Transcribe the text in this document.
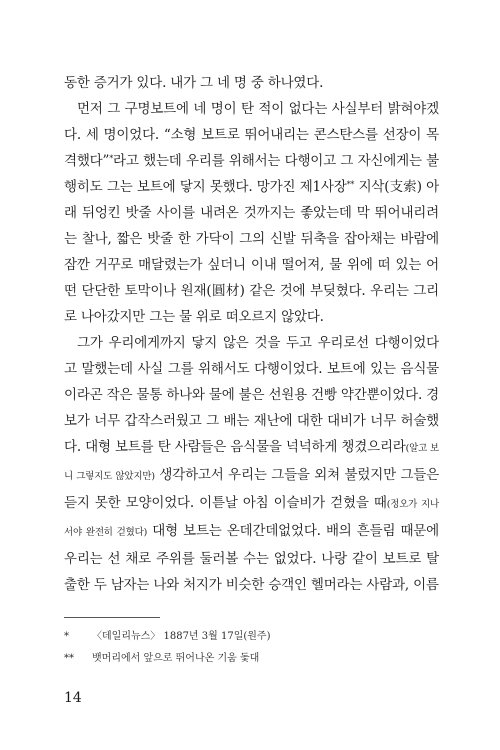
동한 증거가 있다. 내가 그 네 명 중 하나였다.

먼저 그 구명보트에 네 명이 탄 적이 없다는 사실부터 밝혀야겠다. 세 명이었다. “소형 보트로 뛰어내리는 콘스탄스를 선장이 목격했다”*라고 했는데 우리를 위해서는 다행이고 그 자신에게는 불행히도 그는 보트에 닿지 못했다. 망가진 제1사장** 지삭(支索) 아래 뒤엉킨 밧줄 사이를 내려온 것까지는 좋았는데 막 뛰어내리려는 찰나, 짧은 밧줄 한 가닥이 그의 신발 뒤축을 잡아채는 바람에 잠깐 거꾸로 매달렸는가 싶더니 이내 떨어져, 물 위에 떠 있는 어떤 단단한 토막이나 원재(圓材) 같은 것에 부딪혔다. 우리는 그리로 나아갔지만 그는 물 위로 떠오르지 않았다.

그가 우리에게까지 닿지 않은 것을 두고 우리로선 다행이었다고 말했는데 사실 그를 위해서도 다행이었다. 보트에 있는 음식물이라곤 작은 물통 하나와 물에 불은 선원용 건빵 약간뿐이었다. 경보가 너무 갑작스러웠고 그 배는 재난에 대한 대비가 너무 허술했다. 대형 보트를 탄 사람들은 음식물을 넉넉하게 챙겼으리라(알고 보니 그렇지도 않았지만) 생각하고서 우리는 그들을 외쳐 불렀지만 그들은 듣지 못한 모양이었다. 이튿날 아침 이슬비가 걷혔을 때(정오가 지나서야 완전히 걷혔다) 대형 보트는 온데간데없었다. 배의 흔들림 때문에 우리는 선 채로 주위를 둘러볼 수는 없었다. 나랑 같이 보트로 탈출한 두 남자는 나와 처지가 비슷한 승객인 헬머라는 사람과, 이름

*	〈데일리뉴스〉 1887년 3월 17일(원주)
**	뱃머리에서 앞으로 뛰어나온 기움 돛대
14
